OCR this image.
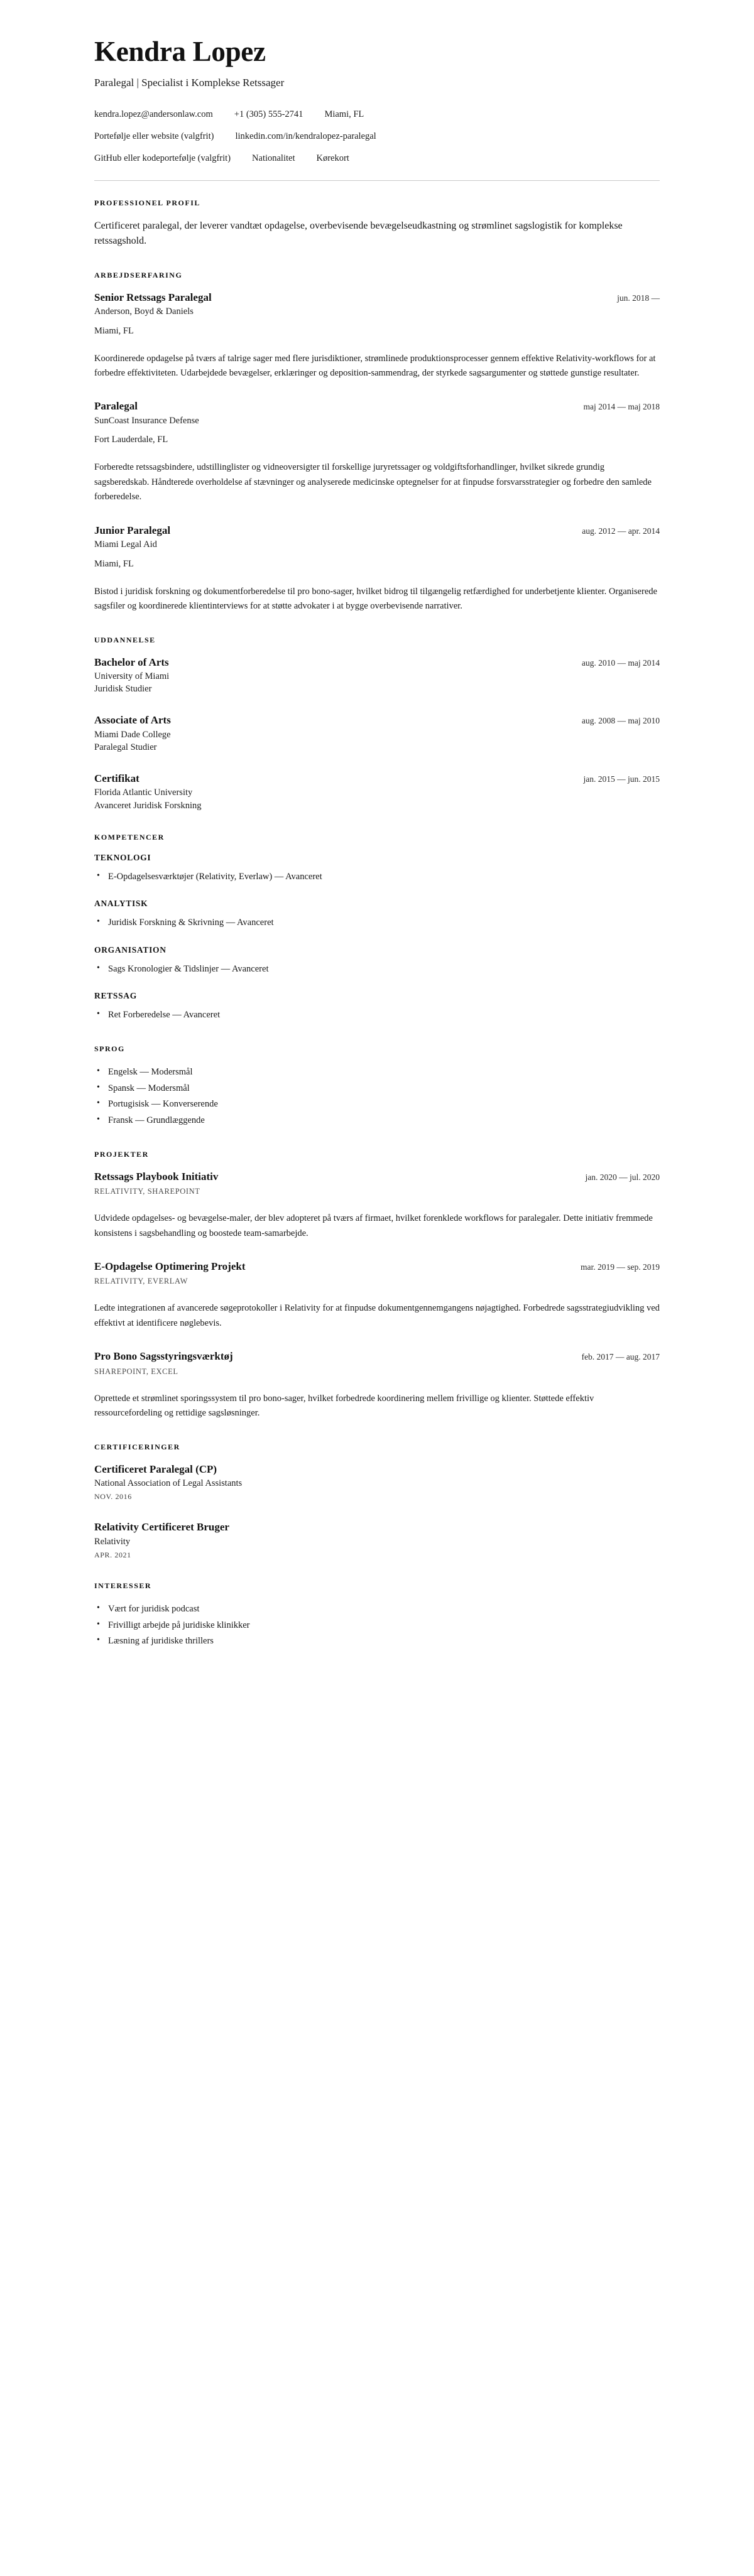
Kendra Lopez

Paralegal | Specialist i Komplekse Retssager

kendra.lopez@andersonlaw.com +1 (305) 555-2741 Miami, FL
Portefølje eller website (valgfrit) linkedin.com/in/kendralopez-paralegal
GitHub eller kodeportefølje (valgfrit) Nationalitet Kørekort
PROFESSIONEL PROFIL

Certificeret paralegal, der leverer vandtæt opdagelse, overbevisende bevægelseudkastning og strømlinet sagslogistik for komplekse retssagshold.

ARBEJDSERFARING
Senior Retssags Paralegal	jun. 2018 —

Anderson, Boyd & Daniels

Miami, FL

Koordinerede opdagelse på tværs af talrige sager med flere jurisdiktioner, strømlinede produktionsprocesser gennem effektive Relativity-workflows for at forbedre effektiviteten. Udarbejdede bevægelser, erklæringer og deposition-sammendrag, der styrkede sagsargumenter og støttede gunstige resultater.

Paralegal	maj 2014 — maj 2018

SunCoast Insurance Defense

Fort Lauderdale, FL

Forberedte retssagsbindere, udstillinglister og vidneoversigter til forskellige juryretssager og voldgiftsforhandlinger, hvilket sikrede grundig sagsberedskab. Håndterede overholdelse af stævninger og analyserede medicinske optegnelser for at finpudse forsvarsstrategier og forbedre den samlede forberedelse.

Junior Paralegal	aug. 2012 — apr. 2014

Miami Legal Aid

Miami, FL

Bistod i juridisk forskning og dokumentforberedelse til pro bono-sager, hvilket bidrog til tilgængelig retfærdighed for underbetjente klienter. Organiserede sagsfiler og koordinerede klientinterviews for at støtte advokater i at bygge overbevisende narrativer.

UDDANNELSE
Bachelor of Arts	aug. 2010 — maj 2014

University of Miami

Juridisk Studier

Associate of Arts	aug. 2008 — maj 2010

Miami Dade College

Paralegal Studier

Certifikat	jan. 2015 — jun. 2015

Florida Atlantic University

Avanceret Juridisk Forskning

KOMPETENCER
TEKNOLOGI
• E-Opdagelsesværktøjer (Relativity, Everlaw) — Avanceret
ANALYTISK
• Juridisk Forskning & Skrivning — Avanceret
ORGANISATION
• Sags Kronologier & Tidslinjer — Avanceret
RETSSAG
• Ret Forberedelse — Avanceret
SPROG
• Engelsk — Modersmål
• Spansk — Modersmål
• Portugisisk — Konverserende
• Fransk — Grundlæggende
PROJEKTER
Retssags Playbook Initiativ	jan. 2020 — jul. 2020

RELATIVITY, SHAREPOINT

Udvidede opdagelses- og bevægelse-maler, der blev adopteret på tværs af firmaet, hvilket forenklede workflows for paralegaler. Dette initiativ fremmede konsistens i sagsbehandling og boostede team-samarbejde.

E-Opdagelse Optimering Projekt	mar. 2019 — sep. 2019

RELATIVITY, EVERLAW

Ledte integrationen af avancerede søgeprotokoller i Relativity for at finpudse dokumentgennemgangens nøjagtighed. Forbedrede sagsstrategiudvikling ved effektivt at identificere nøglebevis.

Pro Bono Sagsstyringsværktøj	feb. 2017 — aug. 2017

SHAREPOINT, EXCEL

Oprettede et strømlinet sporingssystem til pro bono-sager, hvilket forbedrede koordinering mellem frivillige og klienter. Støttede effektiv ressourcefordeling og rettidige sagsløsninger.

CERTIFICERINGER
Certificeret Paralegal (CP)

National Association of Legal Assistants

NOV. 2016

Relativity Certificeret Bruger

Relativity

APR. 2021

INTERESSER
• Vært for juridisk podcast
• Frivilligt arbejde på juridiske klinikker
• Læsning af juridiske thrillers
